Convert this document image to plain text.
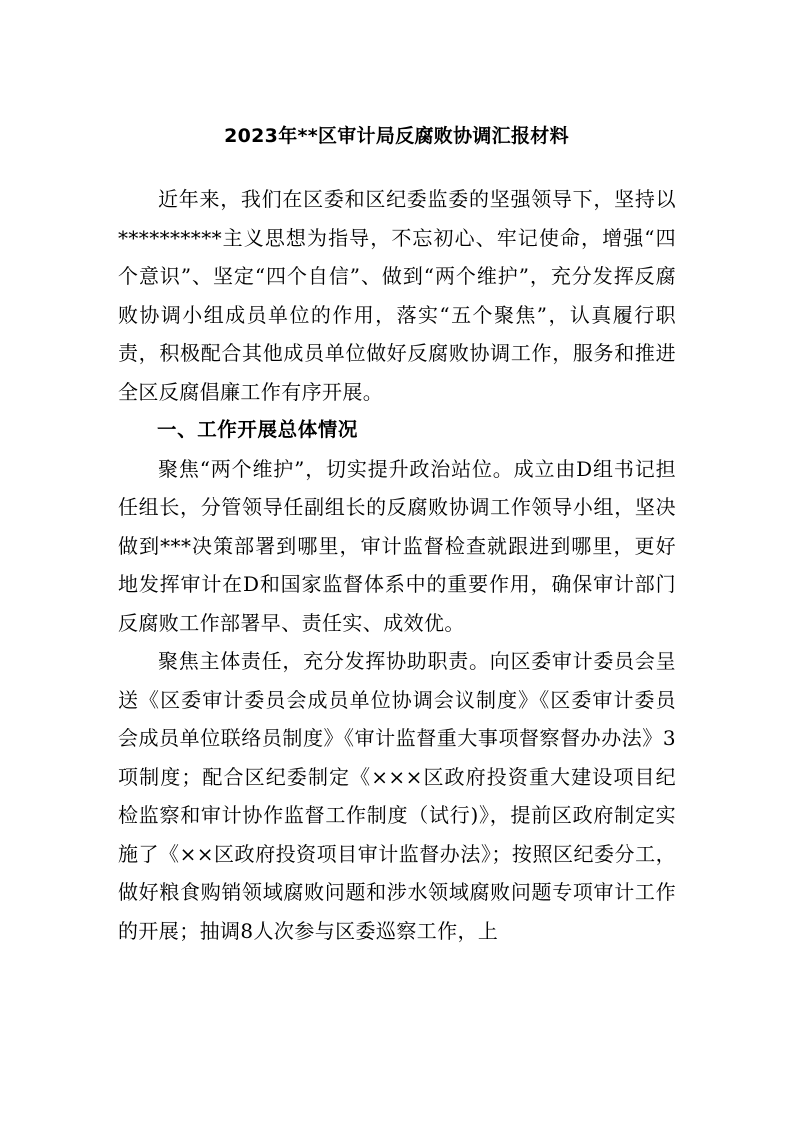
2023年**区审计局反腐败协调汇报材料

近年来，我们在区委和区纪委监委的坚强领导下，坚持以**********主义思想为指导，不忘初心、牢记使命，增强“四个意识”、坚定“四个自信”、做到“两个维护”，充分发挥反腐败协调小组成员单位的作用，落实“五个聚焦”，认真履行职责，积极配合其他成员单位做好反腐败协调工作，服务和推进全区反腐倡廉工作有序开展。

一、工作开展总体情况

聚焦“两个维护”，切实提升政治站位。成立由D组书记担任组长，分管领导任副组长的反腐败协调工作领导小组，坚决做到***决策部署到哪里，审计监督检查就跟进到哪里，更好地发挥审计在D和国家监督体系中的重要作用，确保审计部门反腐败工作部署早、责任实、成效优。

聚焦主体责任，充分发挥协助职责。向区委审计委员会呈送《区委审计委员会成员单位协调会议制度》《区委审计委员会成员单位联络员制度》《审计监督重大事项督察督办办法》3项制度；配合区纪委制定《×××区政府投资重大建设项目纪检监察和审计协作监督工作制度（试行)》，提前区政府制定实施了《××区政府投资项目审计监督办法》；按照区纪委分工，做好粮食购销领域腐败问题和涉水领域腐败问题专项审计工作的开展；抽调8人次参与区委巡察工作，上
